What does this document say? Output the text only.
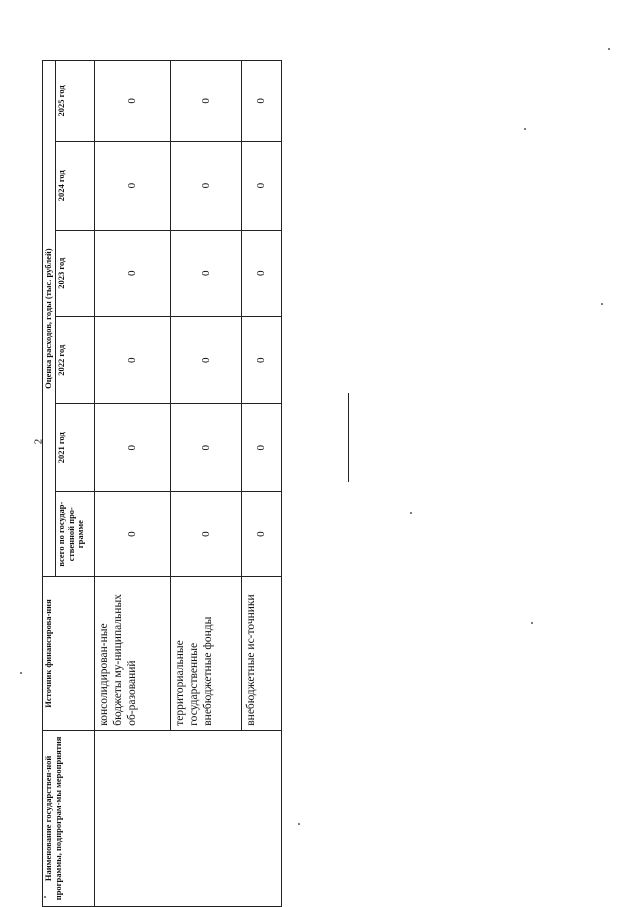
2
Наименование государствен-ной программы, подпрограм-мы мероприятия	Источник финансирова-ния	Оценка расходов, годы (тыс. рублей)					
		всего по государ-ственной про-грамме	2021 год	2022 год	2023 год	2024 год	2025 год
	консолидирован-ные бюджеты му-ниципальных об-разований	0	0	0	0	0	0
	территориальные государственные внебюджетные фонды	0	0	0	0	0	0
	внебюджетные ис-точники	0	0	0	0	0	0
